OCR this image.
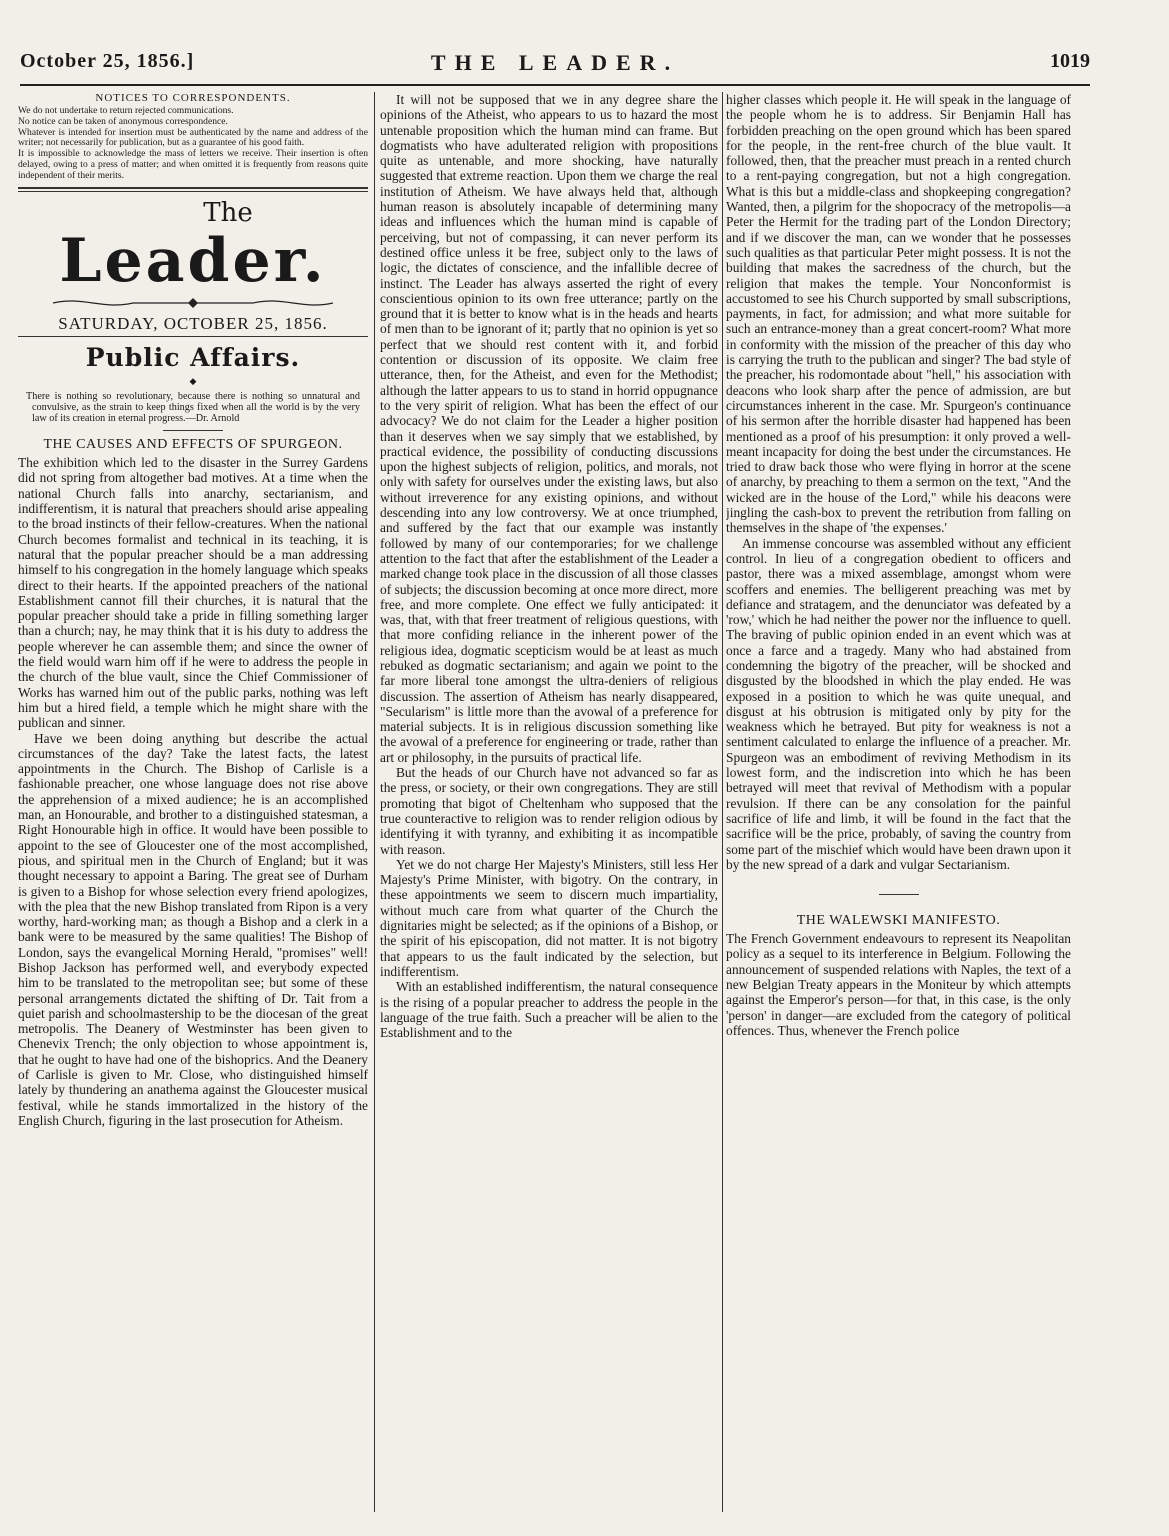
October 25, 1856.]	THE LEADER.	1019
NOTICES TO CORRESPONDENTS.

We do not undertake to return rejected communications.

No notice can be taken of anonymous correspondence.

Whatever is intended for insertion must be authenticated by the name and address of the writer; not necessarily for publication, but as a guarantee of his good faith.

It is impossible to acknowledge the mass of letters we receive. Their insertion is often delayed, owing to a press of matter; and when omitted it is frequently from reasons quite independent of their merits.

The
Leader.
SATURDAY, OCTOBER 25, 1856.
Public Affairs.
◆

There is nothing so revolutionary, because there is nothing so unnatural and convulsive, as the strain to keep things fixed when all the world is by the very law of its creation in eternal progress.—Dr. Arnold

THE CAUSES AND EFFECTS OF SPURGEON.

The exhibition which led to the disaster in the Surrey Gardens did not spring from altogether bad motives. At a time when the national Church falls into anarchy, sectarianism, and indifferentism, it is natural that preachers should arise appealing to the broad instincts of their fellow-creatures. When the national Church becomes formalist and technical in its teaching, it is natural that the popular preacher should be a man addressing himself to his congregation in the homely language which speaks direct to their hearts. If the appointed preachers of the national Establishment cannot fill their churches, it is natural that the popular preacher should take a pride in filling something larger than a church; nay, he may think that it is his duty to address the people wherever he can assemble them; and since the owner of the field would warn him off if he were to address the people in the church of the blue vault, since the Chief Commissioner of Works has warned him out of the public parks, nothing was left him but a hired field, a temple which he might share with the publican and sinner.

Have we been doing anything but describe the actual circumstances of the day? Take the latest facts, the latest appointments in the Church. The Bishop of Carlisle is a fashionable preacher, one whose language does not rise above the apprehension of a mixed audience; he is an accomplished man, an Honourable, and brother to a distinguished statesman, a Right Honourable high in office. It would have been possible to appoint to the see of Gloucester one of the most accomplished, pious, and spiritual men in the Church of England; but it was thought necessary to appoint a Baring. The great see of Durham is given to a Bishop for whose selection every friend apologizes, with the plea that the new Bishop translated from Ripon is a very worthy, hard-working man; as though a Bishop and a clerk in a bank were to be measured by the same qualities! The Bishop of London, says the evangelical Morning Herald, "promises" well! Bishop Jackson has performed well, and everybody expected him to be translated to the metropolitan see; but some of these personal arrangements dictated the shifting of Dr. Tait from a quiet parish and schoolmastership to be the diocesan of the great metropolis. The Deanery of Westminster has been given to Chenevix Trench; the only objection to whose appointment is, that he ought to have had one of the bishoprics. And the Deanery of Carlisle is given to Mr. Close, who distinguished himself lately by thundering an anathema against the Gloucester musical festival, while he stands immortalized in the history of the English Church, figuring in the last prosecution for Atheism.

It will not be supposed that we in any degree share the opinions of the Atheist, who appears to us to hazard the most untenable proposition which the human mind can frame. But dogmatists who have adulterated religion with propositions quite as untenable, and more shocking, have naturally suggested that extreme reaction. Upon them we charge the real institution of Atheism. We have always held that, although human reason is absolutely incapable of determining many ideas and influences which the human mind is capable of perceiving, but not of compassing, it can never perform its destined office unless it be free, subject only to the laws of logic, the dictates of conscience, and the infallible decree of instinct. The Leader has always asserted the right of every conscientious opinion to its own free utterance; partly on the ground that it is better to know what is in the heads and hearts of men than to be ignorant of it; partly that no opinion is yet so perfect that we should rest content with it, and forbid contention or discussion of its opposite. We claim free utterance, then, for the Atheist, and even for the Methodist; although the latter appears to us to stand in horrid oppugnance to the very spirit of religion. What has been the effect of our advocacy? We do not claim for the Leader a higher position than it deserves when we say simply that we established, by practical evidence, the possibility of conducting discussions upon the highest subjects of religion, politics, and morals, not only with safety for ourselves under the existing laws, but also without irreverence for any existing opinions, and without descending into any low controversy. We at once triumphed, and suffered by the fact that our example was instantly followed by many of our contemporaries; for we challenge attention to the fact that after the establishment of the Leader a marked change took place in the discussion of all those classes of subjects; the discussion becoming at once more direct, more free, and more complete. One effect we fully anticipated: it was, that, with that freer treatment of religious questions, with that more confiding reliance in the inherent power of the religious idea, dogmatic scepticism would be at least as much rebuked as dogmatic sectarianism; and again we point to the far more liberal tone amongst the ultra-deniers of religious discussion. The assertion of Atheism has nearly disappeared, "Secularism" is little more than the avowal of a preference for material subjects. It is in religious discussion something like the avowal of a preference for engineering or trade, rather than art or philosophy, in the pursuits of practical life.

But the heads of our Church have not advanced so far as the press, or society, or their own congregations. They are still promoting that bigot of Cheltenham who supposed that the true counteractive to religion was to render religion odious by identifying it with tyranny, and exhibiting it as incompatible with reason.

Yet we do not charge Her Majesty's Ministers, still less Her Majesty's Prime Minister, with bigotry. On the contrary, in these appointments we seem to discern much impartiality, without much care from what quarter of the Church the dignitaries might be selected; as if the opinions of a Bishop, or the spirit of his episcopation, did not matter. It is not bigotry that appears to us the fault indicated by the selection, but indifferentism.

With an established indifferentism, the natural consequence is the rising of a popular preacher to address the people in the language of the true faith. Such a preacher will be alien to the Establishment and to the

higher classes which people it. He will speak in the language of the people whom he is to address. Sir Benjamin Hall has forbidden preaching on the open ground which has been spared for the people, in the rent-free church of the blue vault. It followed, then, that the preacher must preach in a rented church to a rent-paying congregation, but not a high congregation. What is this but a middle-class and shopkeeping congregation? Wanted, then, a pilgrim for the shopocracy of the metropolis—a Peter the Hermit for the trading part of the London Directory; and if we discover the man, can we wonder that he possesses such qualities as that particular Peter might possess. It is not the building that makes the sacredness of the church, but the religion that makes the temple. Your Nonconformist is accustomed to see his Church supported by small subscriptions, payments, in fact, for admission; and what more suitable for such an entrance-money than a great concert-room? What more in conformity with the mission of the preacher of this day who is carrying the truth to the publican and singer? The bad style of the preacher, his rodomontade about "hell," his association with deacons who look sharp after the pence of admission, are but circumstances inherent in the case. Mr. Spurgeon's continuance of his sermon after the horrible disaster had happened has been mentioned as a proof of his presumption: it only proved a well-meant incapacity for doing the best under the circumstances. He tried to draw back those who were flying in horror at the scene of anarchy, by preaching to them a sermon on the text, "And the wicked are in the house of the Lord," while his deacons were jingling the cash-box to prevent the retribution from falling on themselves in the shape of 'the expenses.'

An immense concourse was assembled without any efficient control. In lieu of a congregation obedient to officers and pastor, there was a mixed assemblage, amongst whom were scoffers and enemies. The belligerent preaching was met by defiance and stratagem, and the denunciator was defeated by a 'row,' which he had neither the power nor the influence to quell. The braving of public opinion ended in an event which was at once a farce and a tragedy. Many who had abstained from condemning the bigotry of the preacher, will be shocked and disgusted by the bloodshed in which the play ended. He was exposed in a position to which he was quite unequal, and disgust at his obtrusion is mitigated only by pity for the weakness which he betrayed. But pity for weakness is not a sentiment calculated to enlarge the influence of a preacher. Mr. Spurgeon was an embodiment of reviving Methodism in its lowest form, and the indiscretion into which he has been betrayed will meet that revival of Methodism with a popular revulsion. If there can be any consolation for the painful sacrifice of life and limb, it will be found in the fact that the sacrifice will be the price, probably, of saving the country from some part of the mischief which would have been drawn upon it by the new spread of a dark and vulgar Sectarianism.

THE WALEWSKI MANIFESTO.

The French Government endeavours to represent its Neapolitan policy as a sequel to its interference in Belgium. Following the announcement of suspended relations with Naples, the text of a new Belgian Treaty appears in the Moniteur by which attempts against the Emperor's person—for that, in this case, is the only 'person' in danger—are excluded from the category of political offences. Thus, whenever the French police
